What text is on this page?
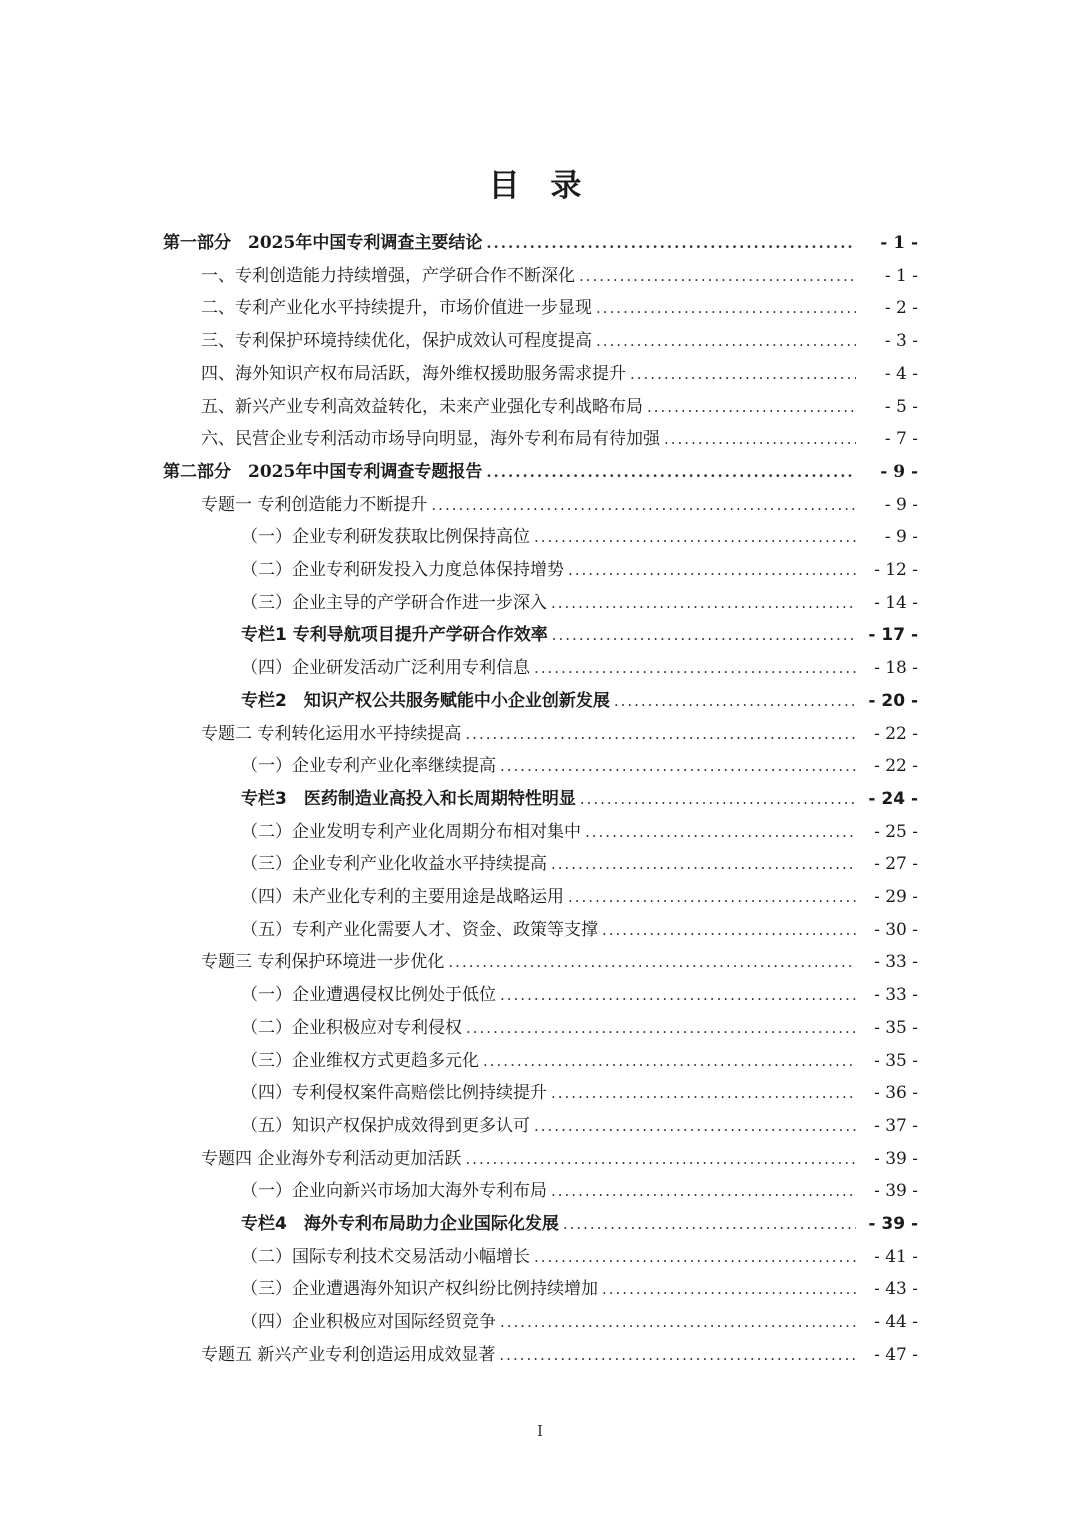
目 录
第一部分　2025年中国专利调查主要结论 .....	- 1 -
一、专利创造能力持续增强，产学研合作不断深化 .....	- 1 -
二、专利产业化水平持续提升，市场价值进一步显现 .....	- 2 -
三、专利保护环境持续优化，保护成效认可程度提高 .....	- 3 -
四、海外知识产权布局活跃，海外维权援助服务需求提升 .....	- 4 -
五、新兴产业专利高效益转化，未来产业强化专利战略布局 .....	- 5 -
六、民营企业专利活动市场导向明显，海外专利布局有待加强 .....	- 7 -
第二部分　2025年中国专利调查专题报告 .....	- 9 -
专题一 专利创造能力不断提升 .....	- 9 -
（一）企业专利研发获取比例保持高位 .....	- 9 -
（二）企业专利研发投入力度总体保持增势 .....	- 12 -
（三）企业主导的产学研合作进一步深入 .....	- 14 -
专栏1 专利导航项目提升产学研合作效率 .....	- 17 -
（四）企业研发活动广泛利用专利信息 .....	- 18 -
专栏2　知识产权公共服务赋能中小企业创新发展 .....	- 20 -
专题二 专利转化运用水平持续提高 .....	- 22 -
（一）企业专利产业化率继续提高 .....	- 22 -
专栏3　医药制造业高投入和长周期特性明显 .....	- 24 -
（二）企业发明专利产业化周期分布相对集中 .....	- 25 -
（三）企业专利产业化收益水平持续提高 .....	- 27 -
（四）未产业化专利的主要用途是战略运用 .....	- 29 -
（五）专利产业化需要人才、资金、政策等支撑 .....	- 30 -
专题三 专利保护环境进一步优化 .....	- 33 -
（一）企业遭遇侵权比例处于低位 .....	- 33 -
（二）企业积极应对专利侵权 .....	- 35 -
（三）企业维权方式更趋多元化 .....	- 35 -
（四）专利侵权案件高赔偿比例持续提升 .....	- 36 -
（五）知识产权保护成效得到更多认可 .....	- 37 -
专题四 企业海外专利活动更加活跃 .....	- 39 -
（一）企业向新兴市场加大海外专利布局 .....	- 39 -
专栏4　海外专利布局助力企业国际化发展 .....	- 39 -
（二）国际专利技术交易活动小幅增长 .....	- 41 -
（三）企业遭遇海外知识产权纠纷比例持续增加 .....	- 43 -
（四）企业积极应对国际经贸竞争 .....	- 44 -
专题五 新兴产业专利创造运用成效显著 .....	- 47 -
I
